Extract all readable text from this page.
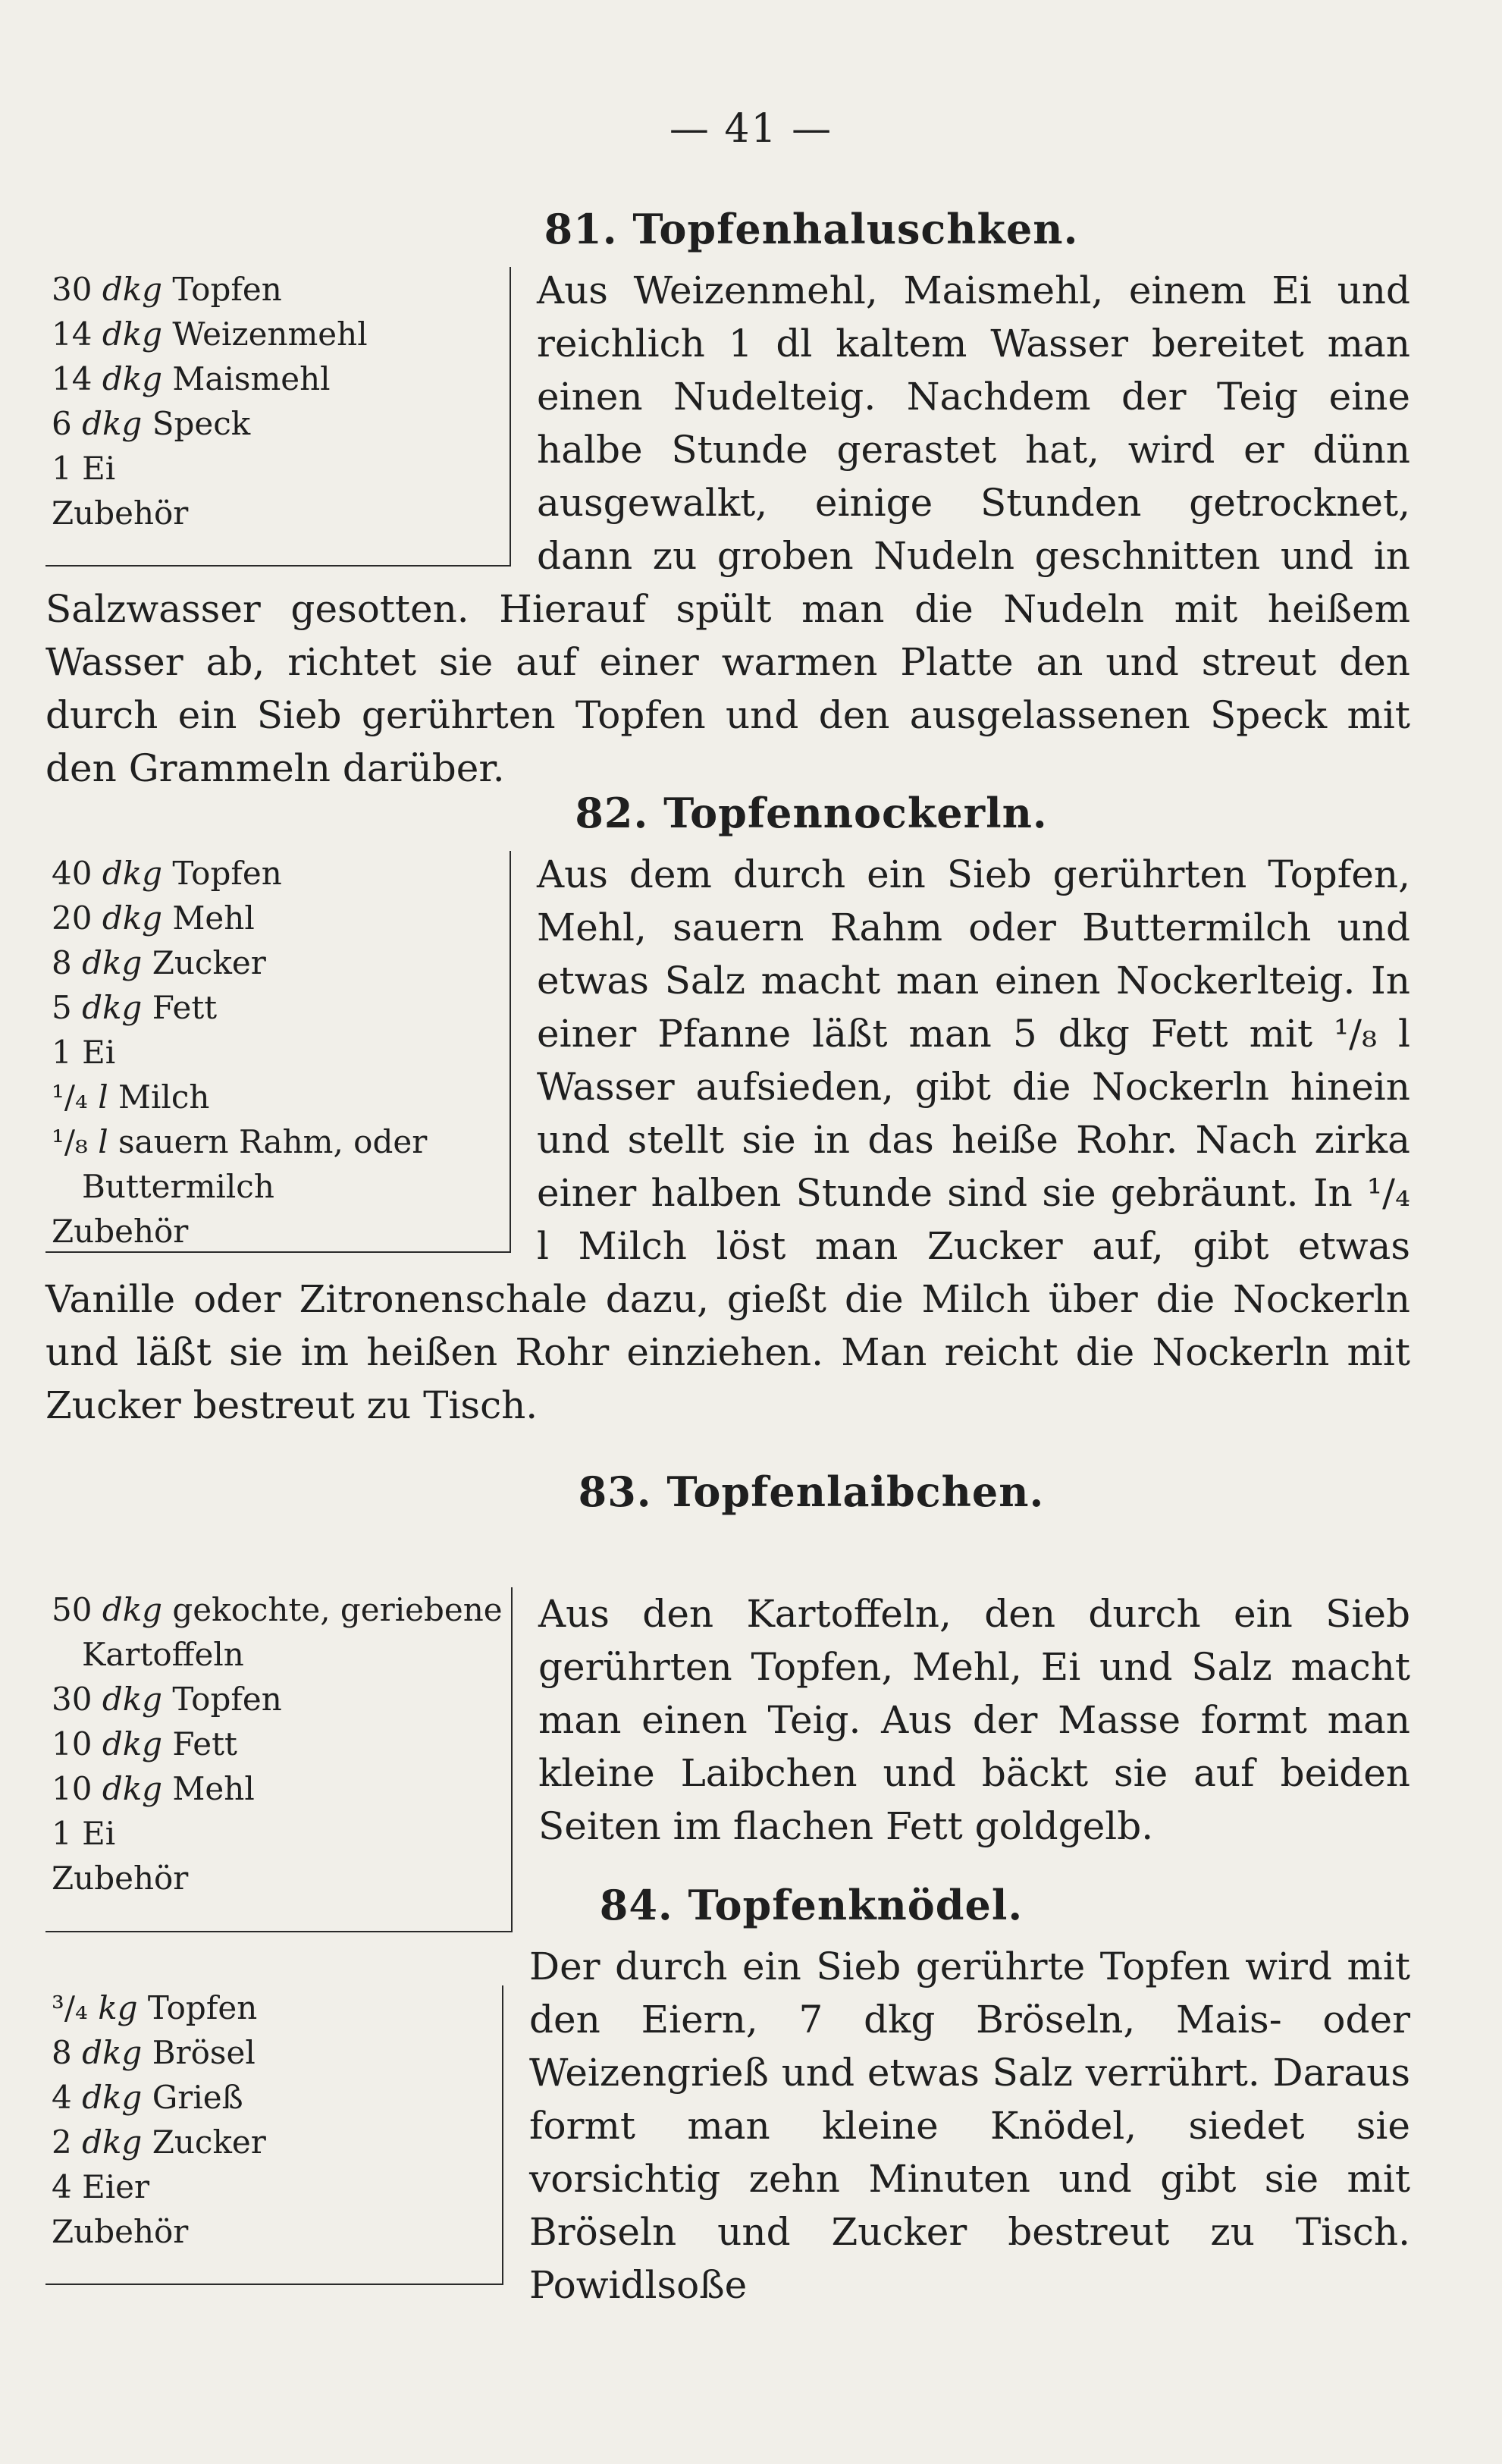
— 41 —
81. Topfenhaluschken.
30 dkg Topfen
14 dkg Weizenmehl
14 dkg Maismehl
6 dkg Speck
1 Ei
Zubehör
Aus Weizenmehl, Maismehl, einem Ei und reichlich 1 dl kaltem Wasser bereitet man einen Nudelteig. Nachdem der Teig eine halbe Stunde gerastet hat, wird er dünn ausgewalkt, einige Stunden getrocknet, dann zu groben Nudeln geschnitten und in Salzwasser gesotten. Hierauf spült man die Nudeln mit heißem Wasser ab, richtet sie auf einer warmen Platte an und streut den durch ein Sieb gerührten Topfen und den ausgelassenen Speck mit den Grammeln darüber.
82. Topfennockerln.
40 dkg Topfen
20 dkg Mehl
8 dkg Zucker
5 dkg Fett
1 Ei
¹/₄ l Milch
¹/₈ l sauern Rahm, oder
Buttermilch
Zubehör
Aus dem durch ein Sieb gerührten Topfen, Mehl, sauern Rahm oder Buttermilch und etwas Salz macht man einen Nockerlteig. In einer Pfanne läßt man 5 dkg Fett mit ¹/₈ l Wasser aufsieden, gibt die Nockerln hinein und stellt sie in das heiße Rohr. Nach zirka einer halben Stunde sind sie gebräunt. In ¹/₄ l Milch löst man Zucker auf, gibt etwas Vanille oder Zitronenschale dazu, gießt die Milch über die Nockerln und läßt sie im heißen Rohr einziehen. Man reicht die Nockerln mit Zucker bestreut zu Tisch.
83. Topfenlaibchen.
50 dkg gekochte, geriebene
Kartoffeln
30 dkg Topfen
10 dkg Fett
10 dkg Mehl
1 Ei
Zubehör
Aus den Kartoffeln, den durch ein Sieb gerührten Topfen, Mehl, Ei und Salz macht man einen Teig. Aus der Masse formt man kleine Laibchen und bäckt sie auf beiden Seiten im flachen Fett goldgelb.
84. Topfenknödel.
³/₄ kg Topfen
8 dkg Brösel
4 dkg Grieß
2 dkg Zucker
4 Eier
Zubehör
Der durch ein Sieb gerührte Topfen wird mit den Eiern, 7 dkg Bröseln, Mais- oder Weizengrieß und etwas Salz verrührt. Daraus formt man kleine Knödel, siedet sie vorsichtig zehn Minuten und gibt sie mit Bröseln und Zucker bestreut zu Tisch. Powidlsoße
